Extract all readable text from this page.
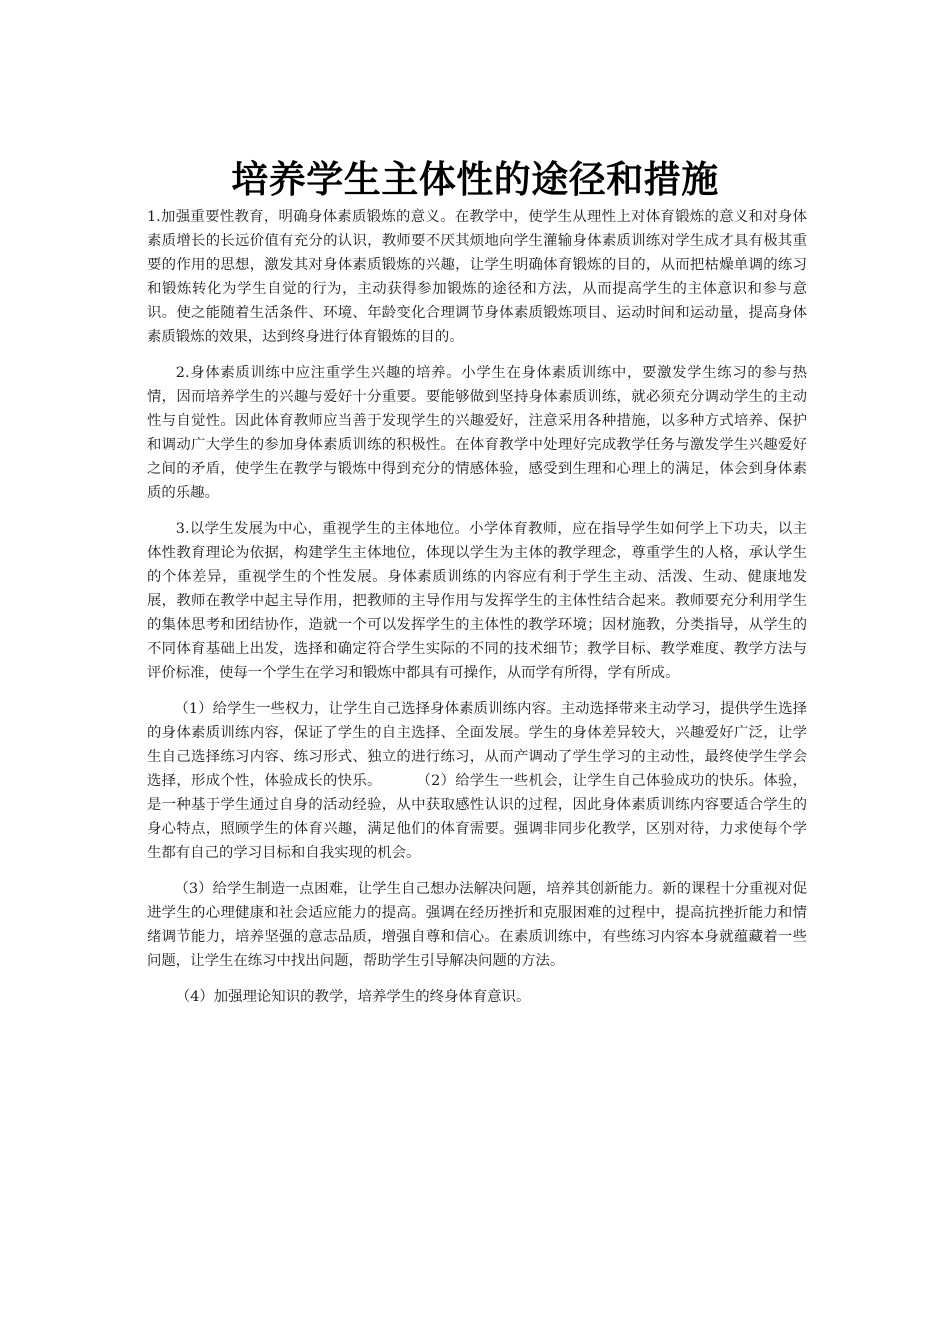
培养学生主体性的途径和措施

1.加强重要性教育，明确身体素质锻炼的意义。在教学中，使学生从理性上对体育锻炼的意义和对身体素质增长的长远价值有充分的认识，教师要不厌其烦地向学生灌输身体素质训练对学生成才具有极其重要的作用的思想，激发其对身体素质锻炼的兴趣，让学生明确体育锻炼的目的，从而把枯燥单调的练习和锻炼转化为学生自觉的行为，主动获得参加锻炼的途径和方法，从而提高学生的主体意识和参与意识。使之能随着生活条件、环境、年龄变化合理调节身体素质锻炼项目、运动时间和运动量，提高身体素质锻炼的效果，达到终身进行体育锻炼的目的。

2.身体素质训练中应注重学生兴趣的培养。小学生在身体素质训练中，要激发学生练习的参与热情，因而培养学生的兴趣与爱好十分重要。要能够做到坚持身体素质训练，就必须充分调动学生的主动性与自觉性。因此体育教师应当善于发现学生的兴趣爱好，注意采用各种措施，以多种方式培养、保护和调动广大学生的参加身体素质训练的积极性。在体育教学中处理好完成教学任务与激发学生兴趣爱好之间的矛盾，使学生在教学与锻炼中得到充分的情感体验，感受到生理和心理上的满足，体会到身体素质的乐趣。

3.以学生发展为中心，重视学生的主体地位。小学体育教师，应在指导学生如何学上下功夫，以主体性教育理论为依据，构建学生主体地位，体现以学生为主体的教学理念，尊重学生的人格，承认学生的个体差异，重视学生的个性发展。身体素质训练的内容应有利于学生主动、活泼、生动、健康地发展，教师在教学中起主导作用，把教师的主导作用与发挥学生的主体性结合起来。教师要充分利用学生的集体思考和团结协作，造就一个可以发挥学生的主体性的教学环境；因材施教，分类指导，从学生的不同体育基础上出发，选择和确定符合学生实际的不同的技术细节；教学目标、教学难度、教学方法与评价标准，使每一个学生在学习和锻炼中都具有可操作，从而学有所得，学有所成。

（1）给学生一些权力，让学生自己选择身体素质训练内容。主动选择带来主动学习，提供学生选择的身体素质训练内容，保证了学生的自主选择、全面发展。学生的身体差异较大，兴趣爱好广泛，让学生自己选择练习内容、练习形式、独立的进行练习，从而产调动了学生学习的主动性，最终使学生学会选择，形成个性，体验成长的快乐。 （2）给学生一些机会，让学生自己体验成功的快乐。体验，是一种基于学生通过自身的活动经验，从中获取感性认识的过程，因此身体素质训练内容要适合学生的身心特点，照顾学生的体育兴趣，满足他们的体育需要。强调非同步化教学，区别对待，力求使每个学生都有自己的学习目标和自我实现的机会。

（3）给学生制造一点困难，让学生自己想办法解决问题，培养其创新能力。新的课程十分重视对促进学生的心理健康和社会适应能力的提高。强调在经历挫折和克服困难的过程中，提高抗挫折能力和情绪调节能力，培养坚强的意志品质，增强自尊和信心。在素质训练中，有些练习内容本身就蕴藏着一些问题，让学生在练习中找出问题，帮助学生引导解决问题的方法。

（4）加强理论知识的教学，培养学生的终身体育意识。
